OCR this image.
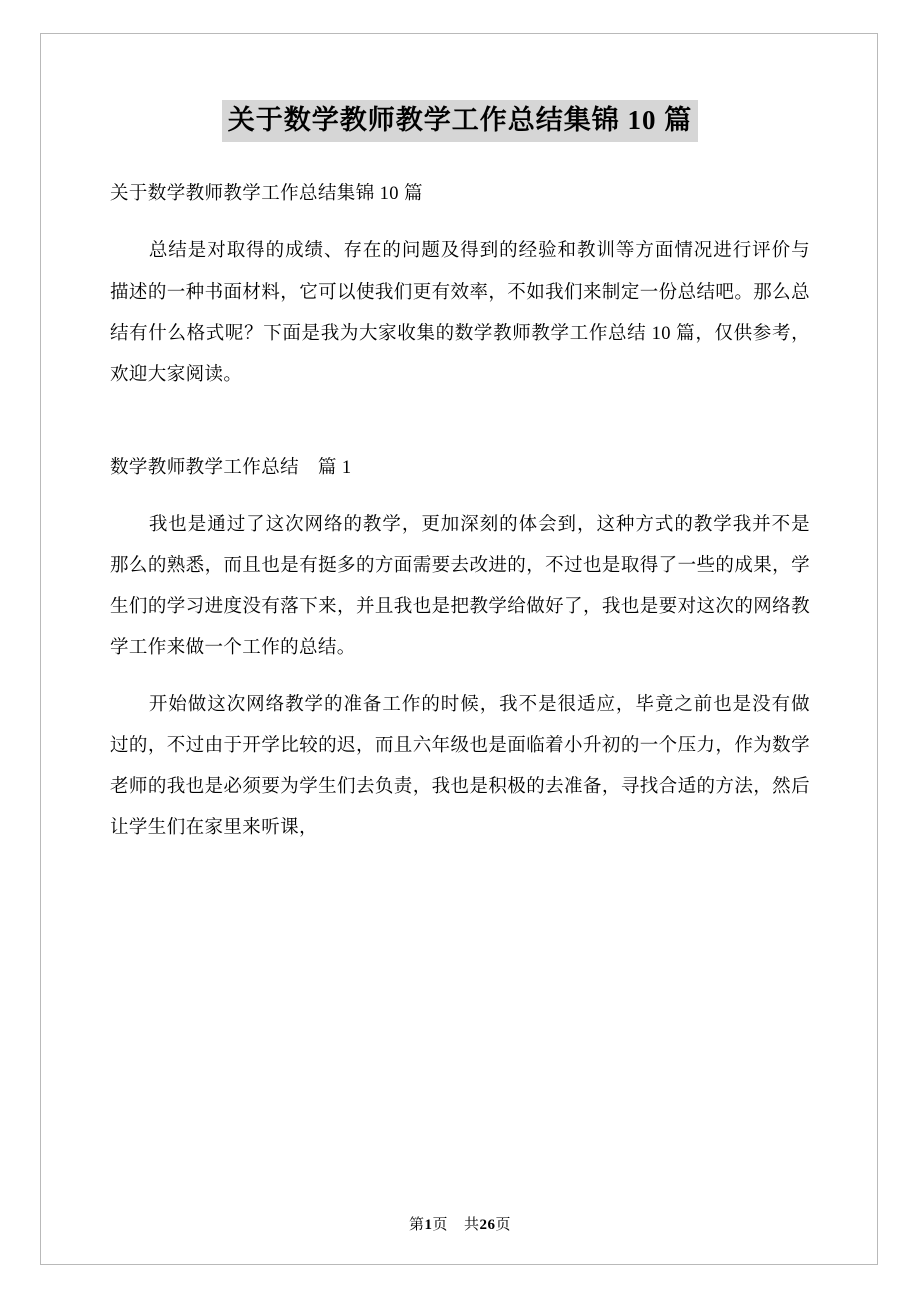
关于数学教师教学工作总结集锦 10 篇

关于数学教师教学工作总结集锦 10 篇

总结是对取得的成绩、存在的问题及得到的经验和教训等方面情况进行评价与描述的一种书面材料，它可以使我们更有效率，不如我们来制定一份总结吧。那么总结有什么格式呢？下面是我为大家收集的数学教师教学工作总结 10 篇，仅供参考，欢迎大家阅读。

数学教师教学工作总结　篇 1

我也是通过了这次网络的教学，更加深刻的体会到，这种方式的教学我并不是那么的熟悉，而且也是有挺多的方面需要去改进的，不过也是取得了一些的成果，学生们的学习进度没有落下来，并且我也是把教学给做好了，我也是要对这次的网络教学工作来做一个工作的总结。

开始做这次网络教学的准备工作的时候，我不是很适应，毕竟之前也是没有做过的，不过由于开学比较的迟，而且六年级也是面临着小升初的一个压力，作为数学老师的我也是必须要为学生们去负责，我也是积极的去准备，寻找合适的方法，然后让学生们在家里来听课，

第1页 共26页
